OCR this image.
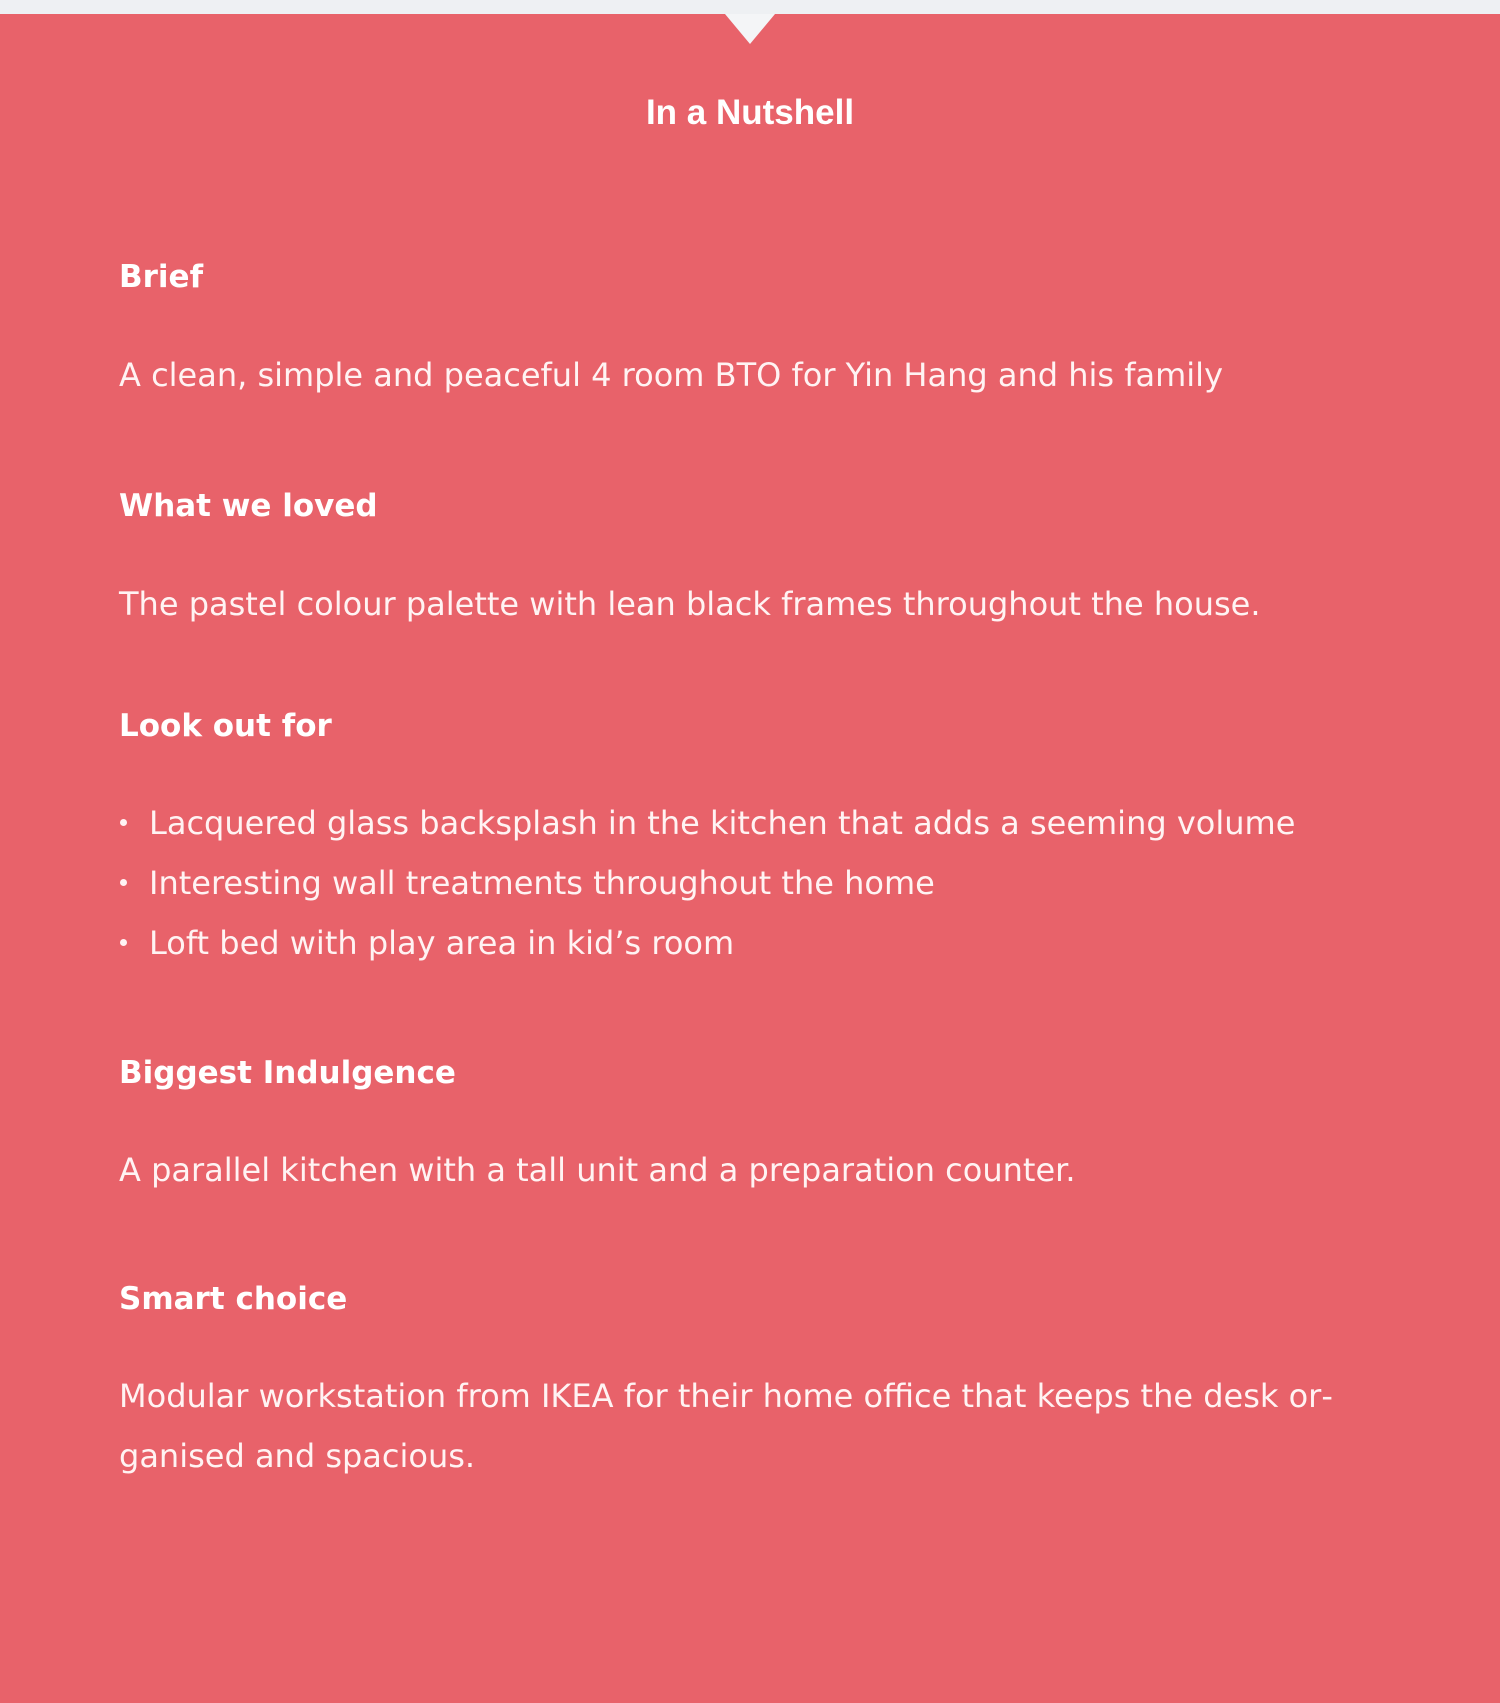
In a Nutshell
Brief

A clean, simple and peaceful 4 room BTO for Yin Hang and his family

What we loved

The pastel colour palette with lean black frames throughout the house.

Look out for
Lacquered glass backsplash in the kitchen that adds a seeming volume
Interesting wall treatments throughout the home
Loft bed with play area in kid’s room
Biggest Indulgence

A parallel kitchen with a tall unit and a preparation counter.

Smart choice

Modular workstation from IKEA for their home office that keeps the desk organised and spacious.
